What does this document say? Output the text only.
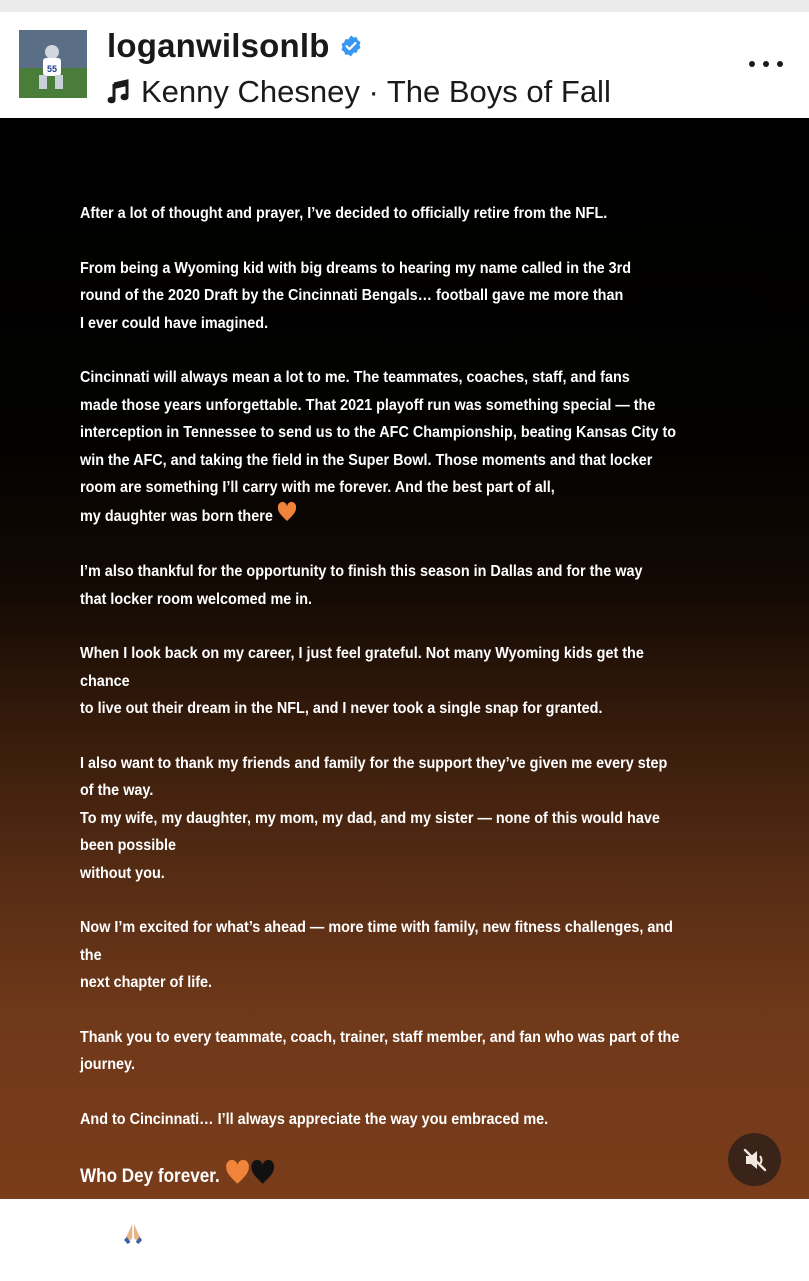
55
loganwilsonlb
Kenny Chesney · The Boys of Fall

After a lot of thought and prayer, I’ve decided to officially retire from the NFL.

From being a Wyoming kid with big dreams to hearing my name called in the 3rd
round of the 2020 Draft by the Cincinnati Bengals… football gave me more than
I ever could have imagined.

Cincinnati will always mean a lot to me. The teammates, coaches, staff, and fans
made those years unforgettable. That 2021 playoff run was something special — the
interception in Tennessee to send us to the AFC Championship, beating Kansas City to
win the AFC, and taking the field in the Super Bowl. Those moments and that locker
room are something I’ll carry with me forever. And the best part of all,
my daughter was born there

I’m also thankful for the opportunity to finish this season in Dallas and for the way
that locker room welcomed me in.

When I look back on my career, I just feel grateful. Not many Wyoming kids get the chance
to live out their dream in the NFL, and I never took a single snap for granted.

I also want to thank my friends and family for the support they’ve given me every step of the way.
To my wife, my daughter, my mom, my dad, and my sister — none of this would have been possible
without you.

Now I’m excited for what’s ahead — more time with family, new fitness challenges, and the
next chapter of life.

Thank you to every teammate, coach, trainer, staff member, and fan who was part of the journey.

And to Cincinnati… I’ll always appreciate the way you embraced me.

Who Dey forever.

55 out
